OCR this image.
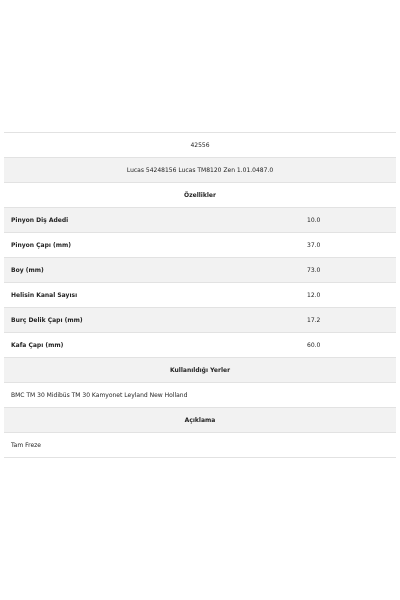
42556
Lucas 54248156 Lucas TM8120 Zen 1.01.0487.0
Özellikler
Pinyon Diş Adedi	10.0
Pinyon Çapı (mm)	37.0
Boy (mm)	73.0
Helisin Kanal Sayısı	12.0
Burç Delik Çapı (mm)	17.2
Kafa Çapı (mm)	60.0
Kullanıldığı Yerler
BMC TM 30 Midibüs TM 30 Kamyonet Leyland New Holland
Açıklama
Tam Freze
